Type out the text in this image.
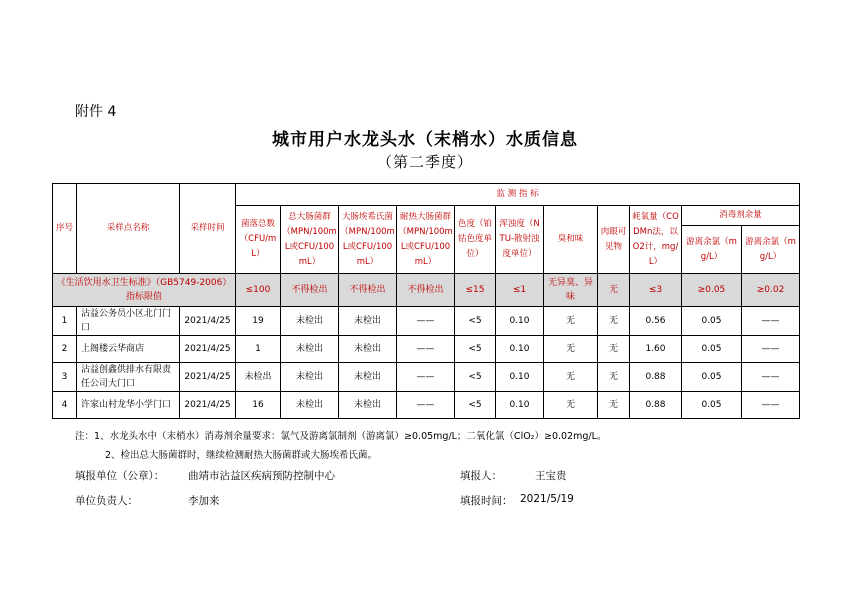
附件 4
城市用户水龙头水（末梢水）水质信息
（第二季度）
序号	采样点名称	采样时间	监 测 指 标										
			菌落总数（CFU/mL）	总大肠菌群（MPN/100mL或CFU/100mL）	大肠埃希氏菌（MPN/100mL或CFU/100mL）	耐热大肠菌群（MPN/100mL或CFU/100mL）	色度（铂钴色度单位）	浑浊度（NTU-散射浊度单位）	臭和味	肉眼可见物	耗氧量（CODMn法，以O2计，mg/L）	消毒剂余量	
												游离余氯（mg/L）	游离余氯（mg/L）
《生活饮用水卫生标准》（GB5749-2006）指标限值			≤100	不得检出	不得检出	不得检出	≤15	≤1	无异臭、异味	无	≤3	≥0.05	≥0.02
1	沾益公务员小区北门门口	2021/4/25	19	未检出	未检出	——	<5	0.10	无	无	0.56	0.05	——
2	上阁楼云华商店	2021/4/25	1	未检出	未检出	——	<5	0.10	无	无	1.60	0.05	——
3	沾益创鑫供排水有限责任公司大门口	2021/4/25	未检出	未检出	未检出	——	<5	0.10	无	无	0.88	0.05	——
4	许家山村龙华小学门口	2021/4/25	16	未检出	未检出	——	<5	0.10	无	无	0.88	0.05	——
注：1、水龙头水中（末梢水）消毒剂余量要求：氯气及游离氯制剂（游离氯）≥0.05mg/L；二氧化氯（ClO₂）≥0.02mg/L。
2、检出总大肠菌群时，继续检测耐热大肠菌群或大肠埃希氏菌。
填报单位（公章）： 曲靖市沾益区疾病预防控制中心	填报人：	王宝贵
单位负责人：	李加来	填报时间： 2021/5/19
